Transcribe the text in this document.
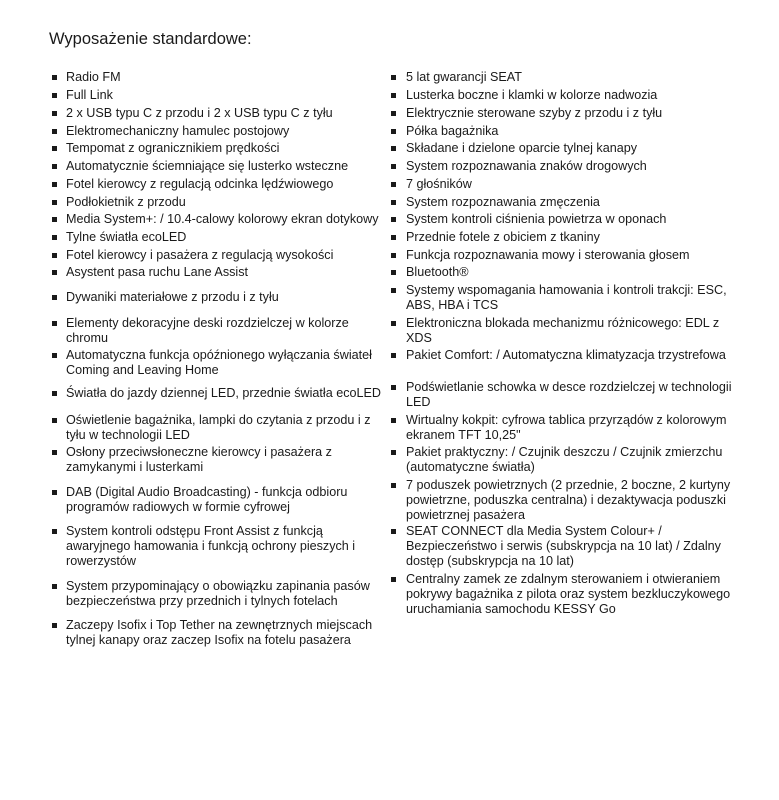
Wyposażenie standardowe:
Radio FM
Full Link
2 x USB typu C z przodu i 2 x USB typu C z tyłu
Elektromechaniczny hamulec postojowy
Tempomat z ogranicznikiem prędkości
Automatycznie ściemniające się lusterko wsteczne
Fotel kierowcy z regulacją odcinka lędźwiowego
Podłokietnik z przodu
Media System+: / 10.4-calowy kolorowy ekran dotykowy
Tylne światła ecoLED
Fotel kierowcy i pasażera z regulacją wysokości
Asystent pasa ruchu Lane Assist
Dywaniki materiałowe z przodu i z tyłu
Elementy dekoracyjne deski rozdzielczej w kolorze chromu
Automatyczna funkcja opóźnionego wyłączania świateł Coming and Leaving Home
Światła do jazdy dziennej LED, przednie światła ecoLED
Oświetlenie bagażnika, lampki do czytania z przodu i z tyłu w technologii LED
Osłony przeciwsłoneczne kierowcy i pasażera z zamykanymi i lusterkami
DAB (Digital Audio Broadcasting) - funkcja odbioru programów radiowych w formie cyfrowej
System kontroli odstępu Front Assist z funkcją awaryjnego hamowania i funkcją ochrony pieszych i rowerzystów
System przypominający o obowiązku zapinania pasów bezpieczeństwa przy przednich i tylnych fotelach
Zaczepy Isofix i Top Tether na zewnętrznych miejscach tylnej kanapy oraz zaczep Isofix na fotelu pasażera
5 lat gwarancji SEAT
Lusterka boczne i klamki w kolorze nadwozia
Elektrycznie sterowane szyby z przodu i z tyłu
Półka bagażnika
Składane i dzielone oparcie tylnej kanapy
System rozpoznawania znaków drogowych
7 głośników
System rozpoznawania zmęczenia
System kontroli ciśnienia powietrza w oponach
Przednie fotele z obiciem z tkaniny
Funkcja rozpoznawania mowy i sterowania głosem
Bluetooth®
Systemy wspomagania hamowania i kontroli trakcji: ESC, ABS, HBA i TCS
Elektroniczna blokada mechanizmu różnicowego: EDL z XDS
Pakiet Comfort: / Automatyczna klimatyzacja trzystrefowa
Podświetlanie schowka w desce rozdzielczej w technologii LED
Wirtualny kokpit: cyfrowa tablica przyrządów z kolorowym ekranem TFT 10,25"
Pakiet praktyczny: / Czujnik deszczu / Czujnik zmierzchu (automatyczne światła)
7 poduszek powietrznych (2 przednie, 2 boczne, 2 kurtyny powietrzne, poduszka centralna) i dezaktywacja poduszki powietrznej pasażera
SEAT CONNECT dla Media System Colour+ / Bezpieczeństwo i serwis (subskrypcja na 10 lat) / Zdalny dostęp (subskrypcja na 10 lat)
Centralny zamek ze zdalnym sterowaniem i otwieraniem pokrywy bagażnika z pilota oraz system bezkluczykowego uruchamiania samochodu KESSY Go
